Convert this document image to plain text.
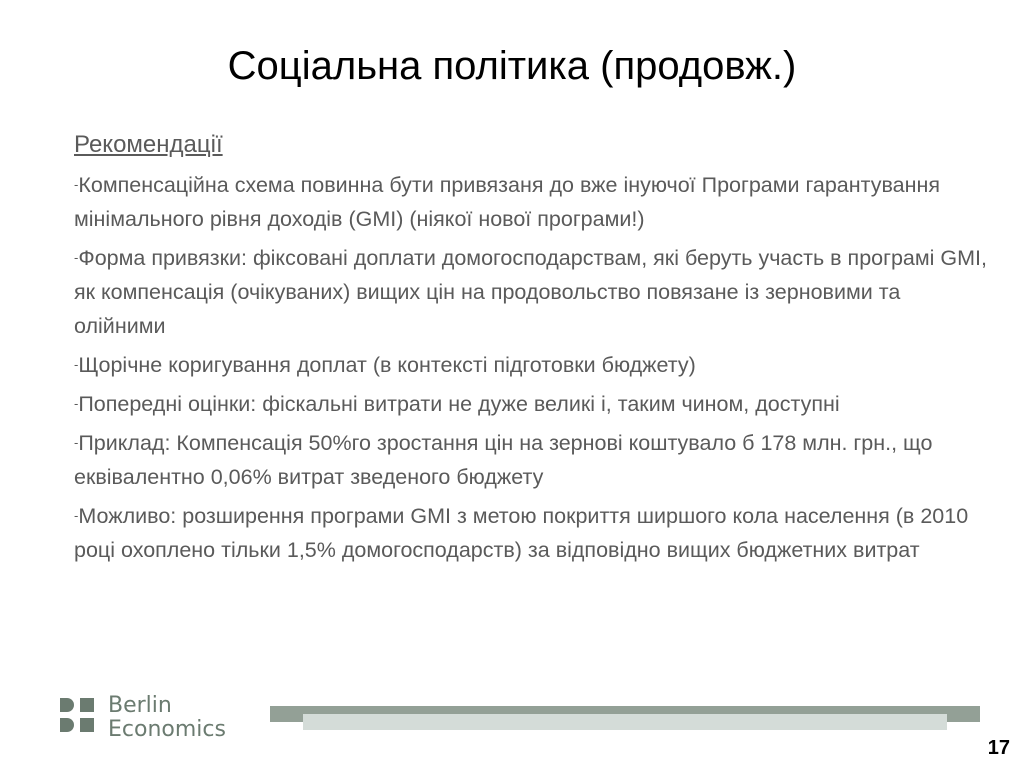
Соціальна політика (продовж.)
Рекомендації
-Компенсаційна схема повинна бути привязаня до вже інуючої Програми гарантування мінімального рівня доходів (GMI) (ніякої нової програми!)
-Форма привязки: фіксовані доплати домогосподарствам, які беруть участь в програмі GMI, як компенсація (очікуваних) вищих цін на продовольство повязане із зерновими та олійними
-Щорічне коригування доплат (в контексті підготовки бюджету)
-Попередні оцінки: фіскальні витрати не дуже великі і, таким чином, доступні
-Приклад: Компенсація 50%го зростання цін на зернові коштувало б 178 млн. грн., що еквівалентно 0,06% витрат зведеного бюджету
-Можливо: розширення програми GMI з метою покриття ширшого кола населення (в 2010 році охоплено тільки 1,5% домогосподарств) за відповідно вищих бюджетних витрат
Berlin
Economics
17
